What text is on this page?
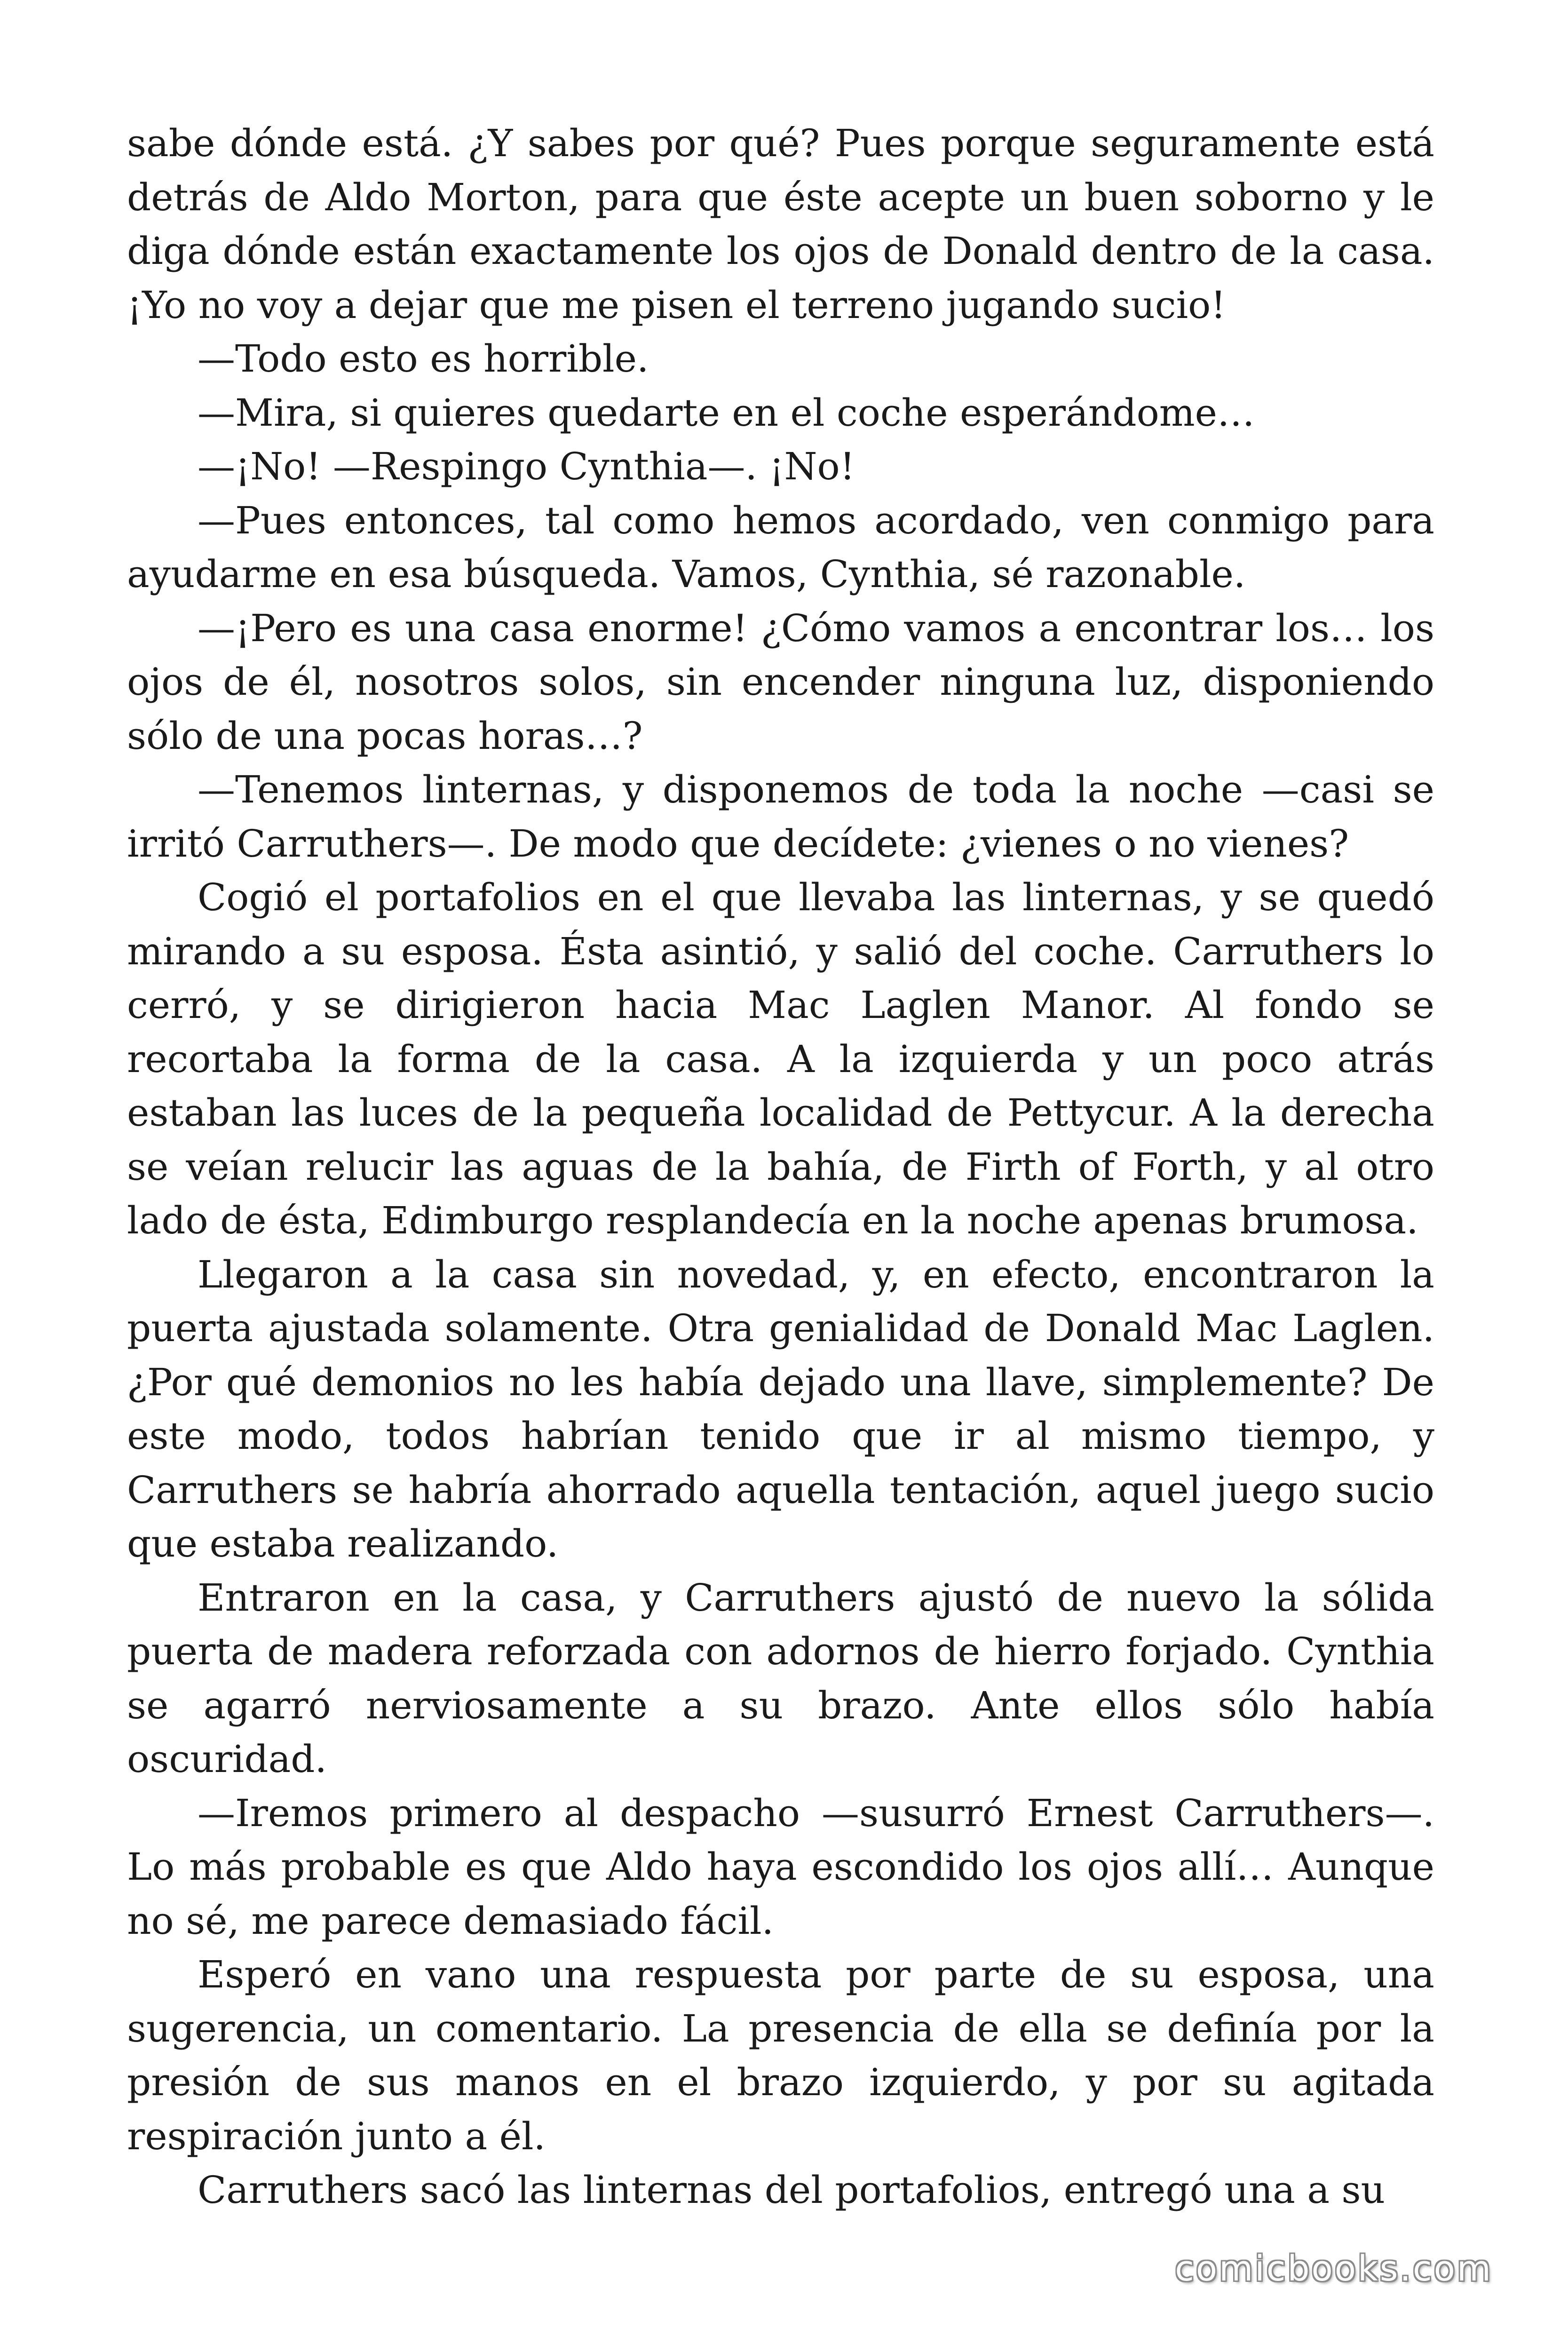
sabe dónde está. ¿Y sabes por qué? Pues porque seguramente está detrás de Aldo Morton, para que éste acepte un buen soborno y le diga dónde están exactamente los ojos de Donald dentro de la casa. ¡Yo no voy a dejar que me pisen el terreno jugando sucio!

—Todo esto es horrible.

—Mira, si quieres quedarte en el coche esperándome…

—¡No! —Respingo Cynthia—. ¡No!

—Pues entonces, tal como hemos acordado, ven conmigo para ayudarme en esa búsqueda. Vamos, Cynthia, sé razonable.

—¡Pero es una casa enorme! ¿Cómo vamos a encontrar los… los ojos de él, nosotros solos, sin encender ninguna luz, disponiendo sólo de una pocas horas…?

—Tenemos linternas, y disponemos de toda la noche —casi se irritó Carruthers—. De modo que decídete: ¿vienes o no vienes?

Cogió el portafolios en el que llevaba las linternas, y se quedó mirando a su esposa. Ésta asintió, y salió del coche. Carruthers lo cerró, y se dirigieron hacia Mac Laglen Manor. Al fondo se recortaba la forma de la casa. A la izquierda y un poco atrás estaban las luces de la pequeña localidad de Pettycur. A la derecha se veían relucir las aguas de la bahía, de Firth of Forth, y al otro lado de ésta, Edimburgo resplandecía en la noche apenas brumosa.

Llegaron a la casa sin novedad, y, en efecto, encontraron la puerta ajustada solamente. Otra genialidad de Donald Mac Laglen. ¿Por qué demonios no les había dejado una llave, simplemente? De este modo, todos habrían tenido que ir al mismo tiempo, y Carruthers se habría ahorrado aquella tentación, aquel juego sucio que estaba realizando.

Entraron en la casa, y Carruthers ajustó de nuevo la sólida puerta de madera reforzada con adornos de hierro forjado. Cynthia se agarró nerviosamente a su brazo. Ante ellos sólo había oscuridad.

—Iremos primero al despacho —susurró Ernest Carruthers—. Lo más probable es que Aldo haya escondido los ojos allí… Aunque no sé, me parece demasiado fácil.

Esperó en vano una respuesta por parte de su esposa, una sugerencia, un comentario. La presencia de ella se definía por la presión de sus manos en el brazo izquierdo, y por su agitada respiración junto a él.

Carruthers sacó las linternas del portafolios, entregó una a su

comicbooks.com
